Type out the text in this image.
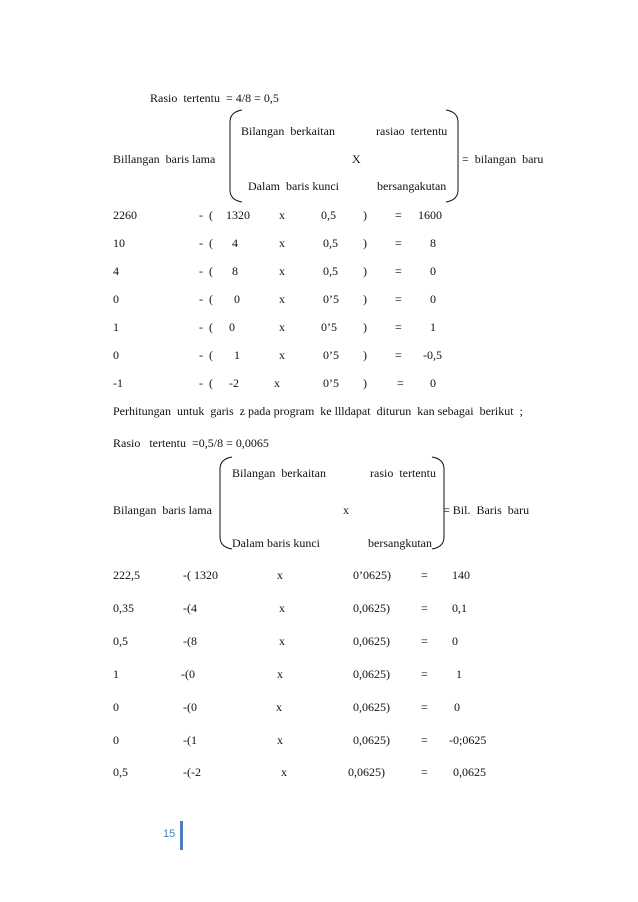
Rasio  tertentu  = 4/8 = 0,5
Bilangan  berkaitan	rasiao  tertentu
Billangan  baris lama	X	=  bilangan  baru
Dalam  baris kunci	bersangakutan
2260	-  ( 1320 x	0,5 ) = 1600
10	-  ( 4	x	0,5 ) = 8
4	-  ( 8	x	0,5 ) = 0
0	-  ( 0	x	0’5 ) = 0
1	-  ( 0	x	0’5 ) = 1
0	-  ( 1	x	0’5 ) = -0,5
-1	-  ( -2	x	0’5 )	= 0
Perhitungan  untuk  garis  z pada program  ke llldapat  diturun  kan sebagai  berikut  ;
Rasio   tertentu  =0,5/8 = 0,0065
Bilangan  berkaitan	rasio  tertentu
Bilangan  baris lama	x	= Bil.  Baris  baru
Dalam baris kunci	bersangkutan
222,5	-( 1320	x	0’0625)	= 140
0,35	-(4	x	0,0625)	= 0,1
0,5	-(8	x	0,0625)	= 0
1	-(0	x	0,0625)	= 1
0	-(0	x	0,0625)	= 0
0	-(1	x	0,0625)	= -0;0625
0,5	-(-2	x	0,0625)	= 0,0625
15
